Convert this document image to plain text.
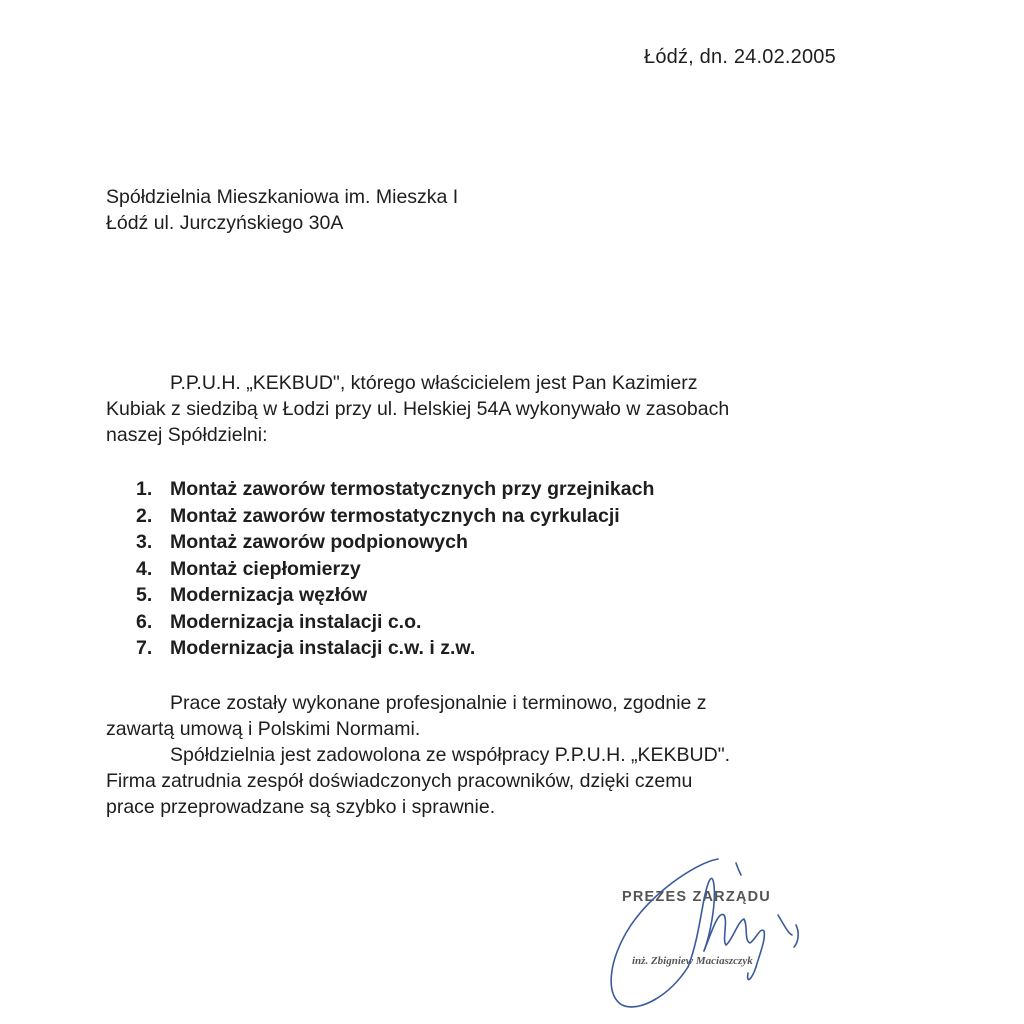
Łódź, dn. 24.02.2005
Spółdzielnia Mieszkaniowa im. Mieszka I
Łódź ul. Jurczyńskiego 30A
P.P.U.H. „KEKBUD", którego właścicielem jest Pan Kazimierz
Kubiak z siedzibą w Łodzi przy ul. Helskiej 54A wykonywało w zasobach
naszej Spółdzielni:
1. Montaż zaworów termostatycznych przy grzejnikach
2. Montaż zaworów termostatycznych na cyrkulacji
3. Montaż zaworów podpionowych
4. Montaż ciepłomierzy
5. Modernizacja węzłów
6. Modernizacja instalacji c.o.
7. Modernizacja instalacji c.w. i z.w.
Prace zostały wykonane profesjonalnie i terminowo, zgodnie z
zawartą umową i Polskimi Normami.
Spółdzielnia jest zadowolona ze współpracy P.P.U.H. „KEKBUD".
Firma zatrudnia zespół doświadczonych pracowników, dzięki czemu
prace przeprowadzane są szybko i sprawnie.
PREZES ZARZĄDU
inż. Zbigniew Maciaszczyk
